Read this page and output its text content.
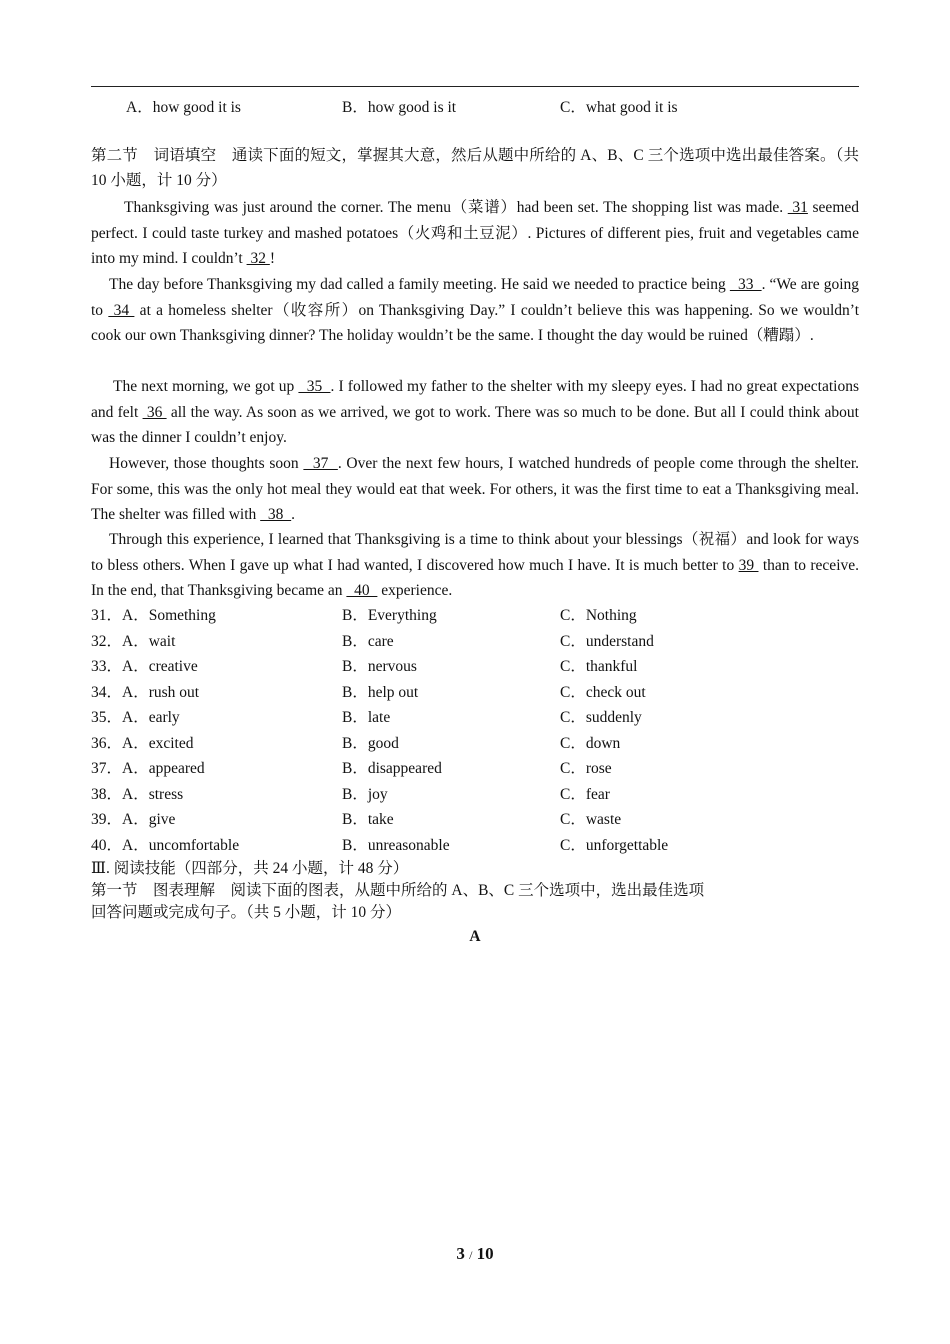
A．how good it is	B．how good is it	C．what good it is
第二节　词语填空　通读下面的短文，掌握其大意，然后从题中所给的 A、B、C 三个选项中选出最佳答案。（共 10 小题，计 10 分）
Thanksgiving was just around the corner. The menu（菜谱）had been set. The shopping list was made.  31 seemed perfect. I could taste turkey and mashed potatoes（火鸡和土豆泥）. Pictures of different pies, fruit and vegetables came into my mind. I couldn’t  32 !
The day before Thanksgiving my dad called a family meeting. He said we needed to practice being   33  . “We are going to  34  at a homeless shelter（收容所）on Thanksgiving Day.” I couldn’t believe this was happening. So we wouldn’t cook our own Thanksgiving dinner? The holiday wouldn’t be the same. I thought the day would be ruined（糟蹋）.
The next morning, we got up   35  . I followed my father to the shelter with my sleepy eyes. I had no great expectations and felt  36  all the way. As soon as we arrived, we got to work. There was so much to be done. But all I could think about was the dinner I couldn’t enjoy.
However, those thoughts soon   37  . Over the next few hours, I watched hundreds of people come through the shelter. For some, this was the only hot meal they would eat that week. For others, it was the first time to eat a Thanksgiving meal. The shelter was filled with   38  .
Through this experience, I learned that Thanksgiving is a time to think about your blessings（祝福）and look for ways to bless others. When I gave up what I had wanted, I discovered how much I have. It is much better to 39  than to receive. In the end, that Thanksgiving became an   40   experience.
31．A．Something	B．Everything	C．Nothing
32．A．wait	B．care	C．understand
33．A．creative	B．nervous	C．thankful
34．A．rush out	B．help out	C．check out
35．A．early	B．late	C．suddenly
36．A．excited	B．good	C．down
37．A．appeared	B．disappeared	C．rose
38．A．stress	B．joy	C．fear
39．A．give	B．take	C．waste
40．A．uncomfortable	B．unreasonable	C．unforgettable
Ⅲ. 阅读技能（四部分，共 24 小题，计 48 分）
第一节　图表理解　阅读下面的图表，从题中所给的 A、B、C 三个选项中，选出最佳选项
回答问题或完成句子。（共 5 小题，计 10 分）
A
3 / 10
